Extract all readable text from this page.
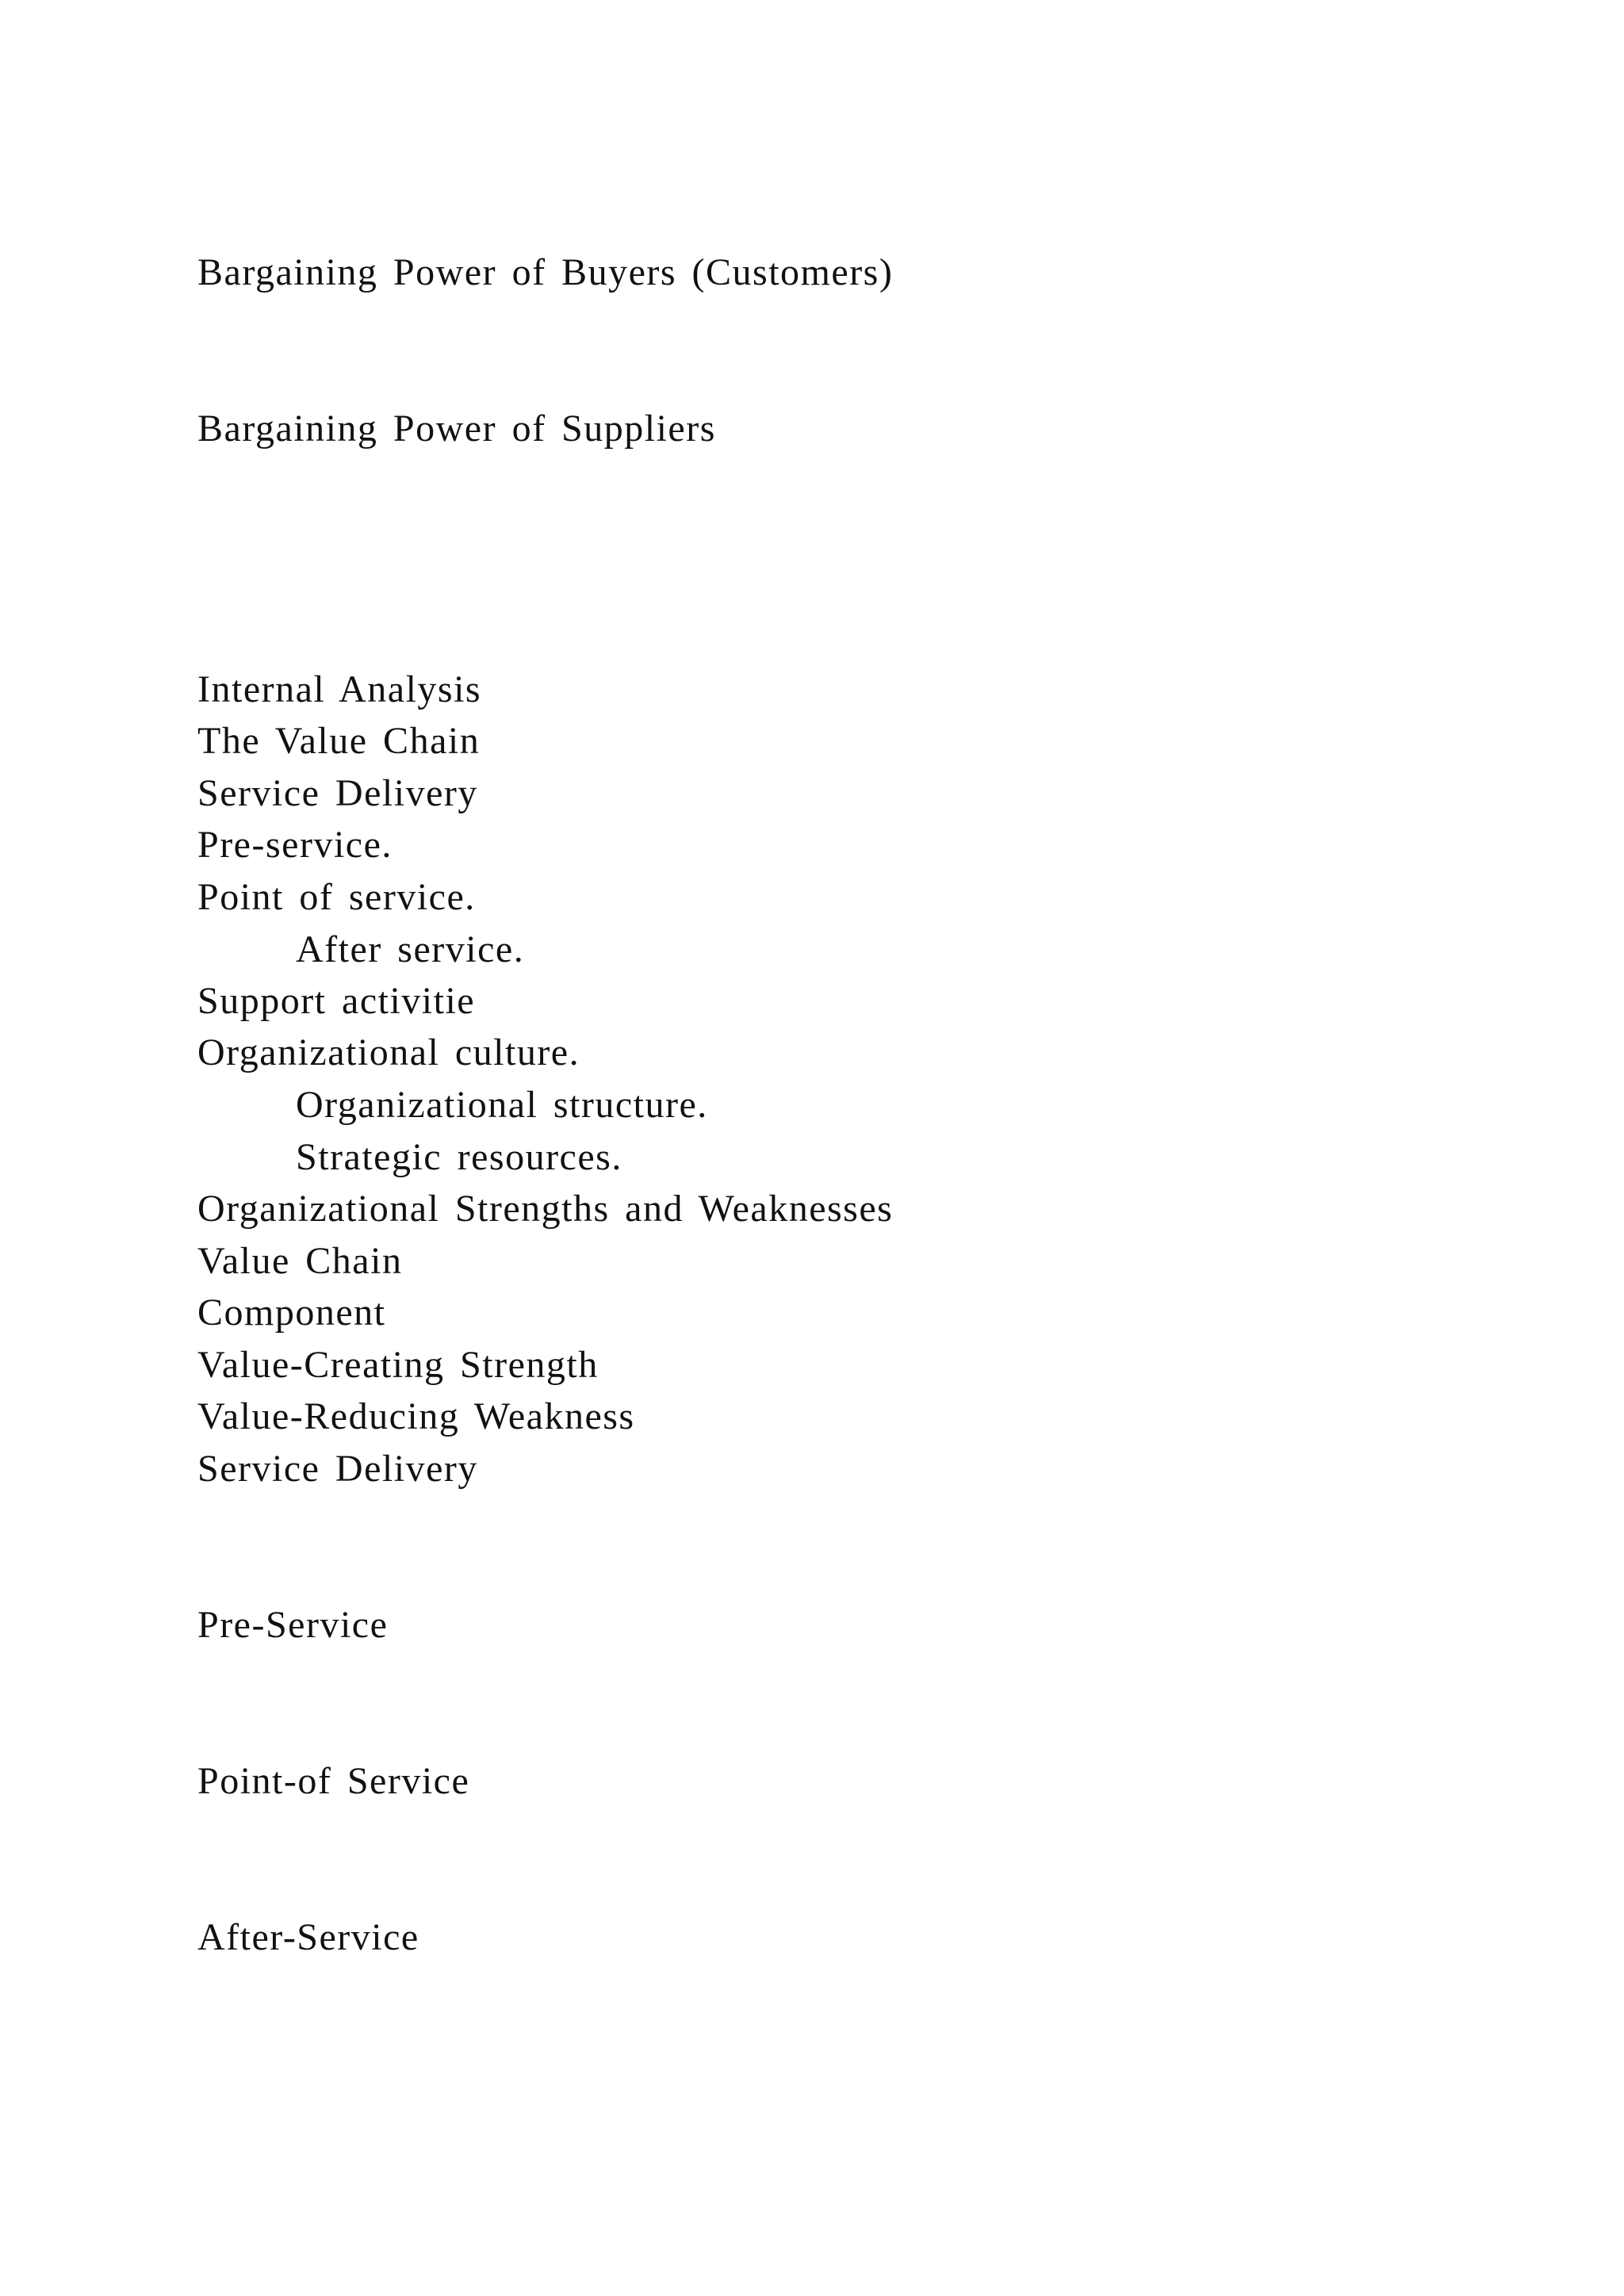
Bargaining Power of Buyers (Customers)

Bargaining Power of Suppliers

Internal Analysis

The Value Chain

Service Delivery

Pre-service.

Point of service.

After service.

Support activitie

Organizational culture.

Organizational structure.

Strategic resources.

Organizational Strengths and Weaknesses

Value Chain

Component

Value-Creating Strength

Value-Reducing Weakness

Service Delivery

Pre-Service

Point-of Service

After-Service
